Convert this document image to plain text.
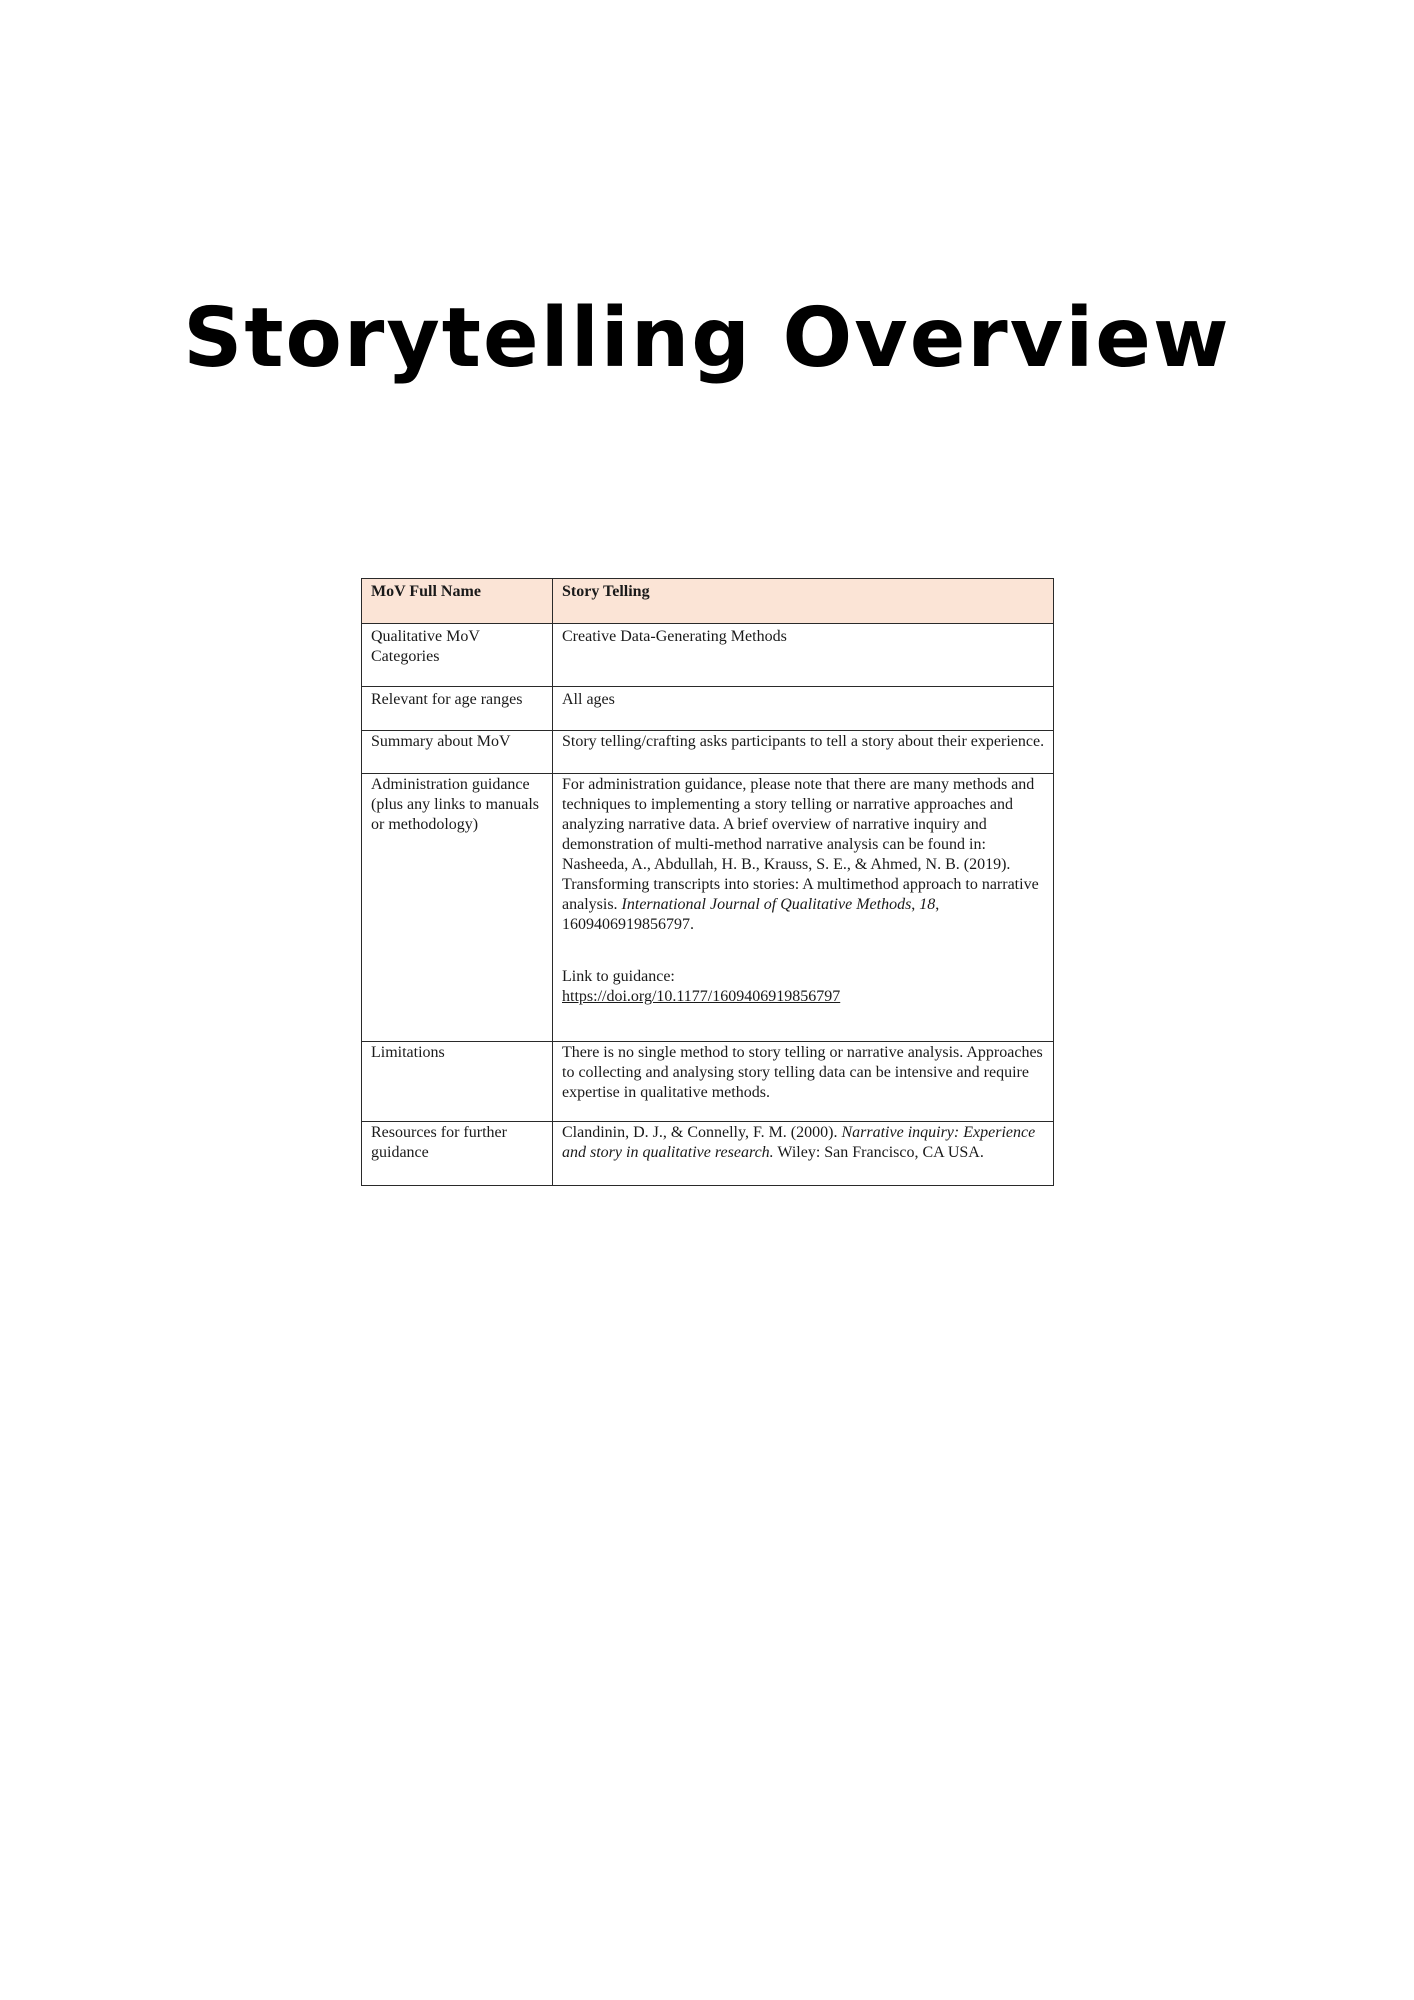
Storytelling Overview
MoV Full Name	Story Telling
Qualitative MoV Categories	Creative Data-Generating Methods
Relevant for age ranges	All ages
Summary about MoV	Story telling/crafting asks participants to tell a story about their experience.
Administration guidance (plus any links to manuals or methodology)	For administration guidance, please note that there are many methods and techniques to implementing a story telling or narrative approaches and analyzing narrative data. A brief overview of narrative inquiry and demonstration of multi-method narrative analysis can be found in:
Nasheeda, A., Abdullah, H. B., Krauss, S. E., & Ahmed, N. B. (2019). Transforming transcripts into stories: A multimethod approach to narrative analysis. International Journal of Qualitative Methods, 18, 1609406919856797.
Link to guidance:
https://doi.org/10.1177/1609406919856797

Limitations	There is no single method to story telling or narrative analysis. Approaches to collecting and analysing story telling data can be intensive and require expertise in qualitative methods.
Resources for further guidance	Clandinin, D. J., & Connelly, F. M. (2000). Narrative inquiry: Experience and story in qualitative research. Wiley: San Francisco, CA USA.
